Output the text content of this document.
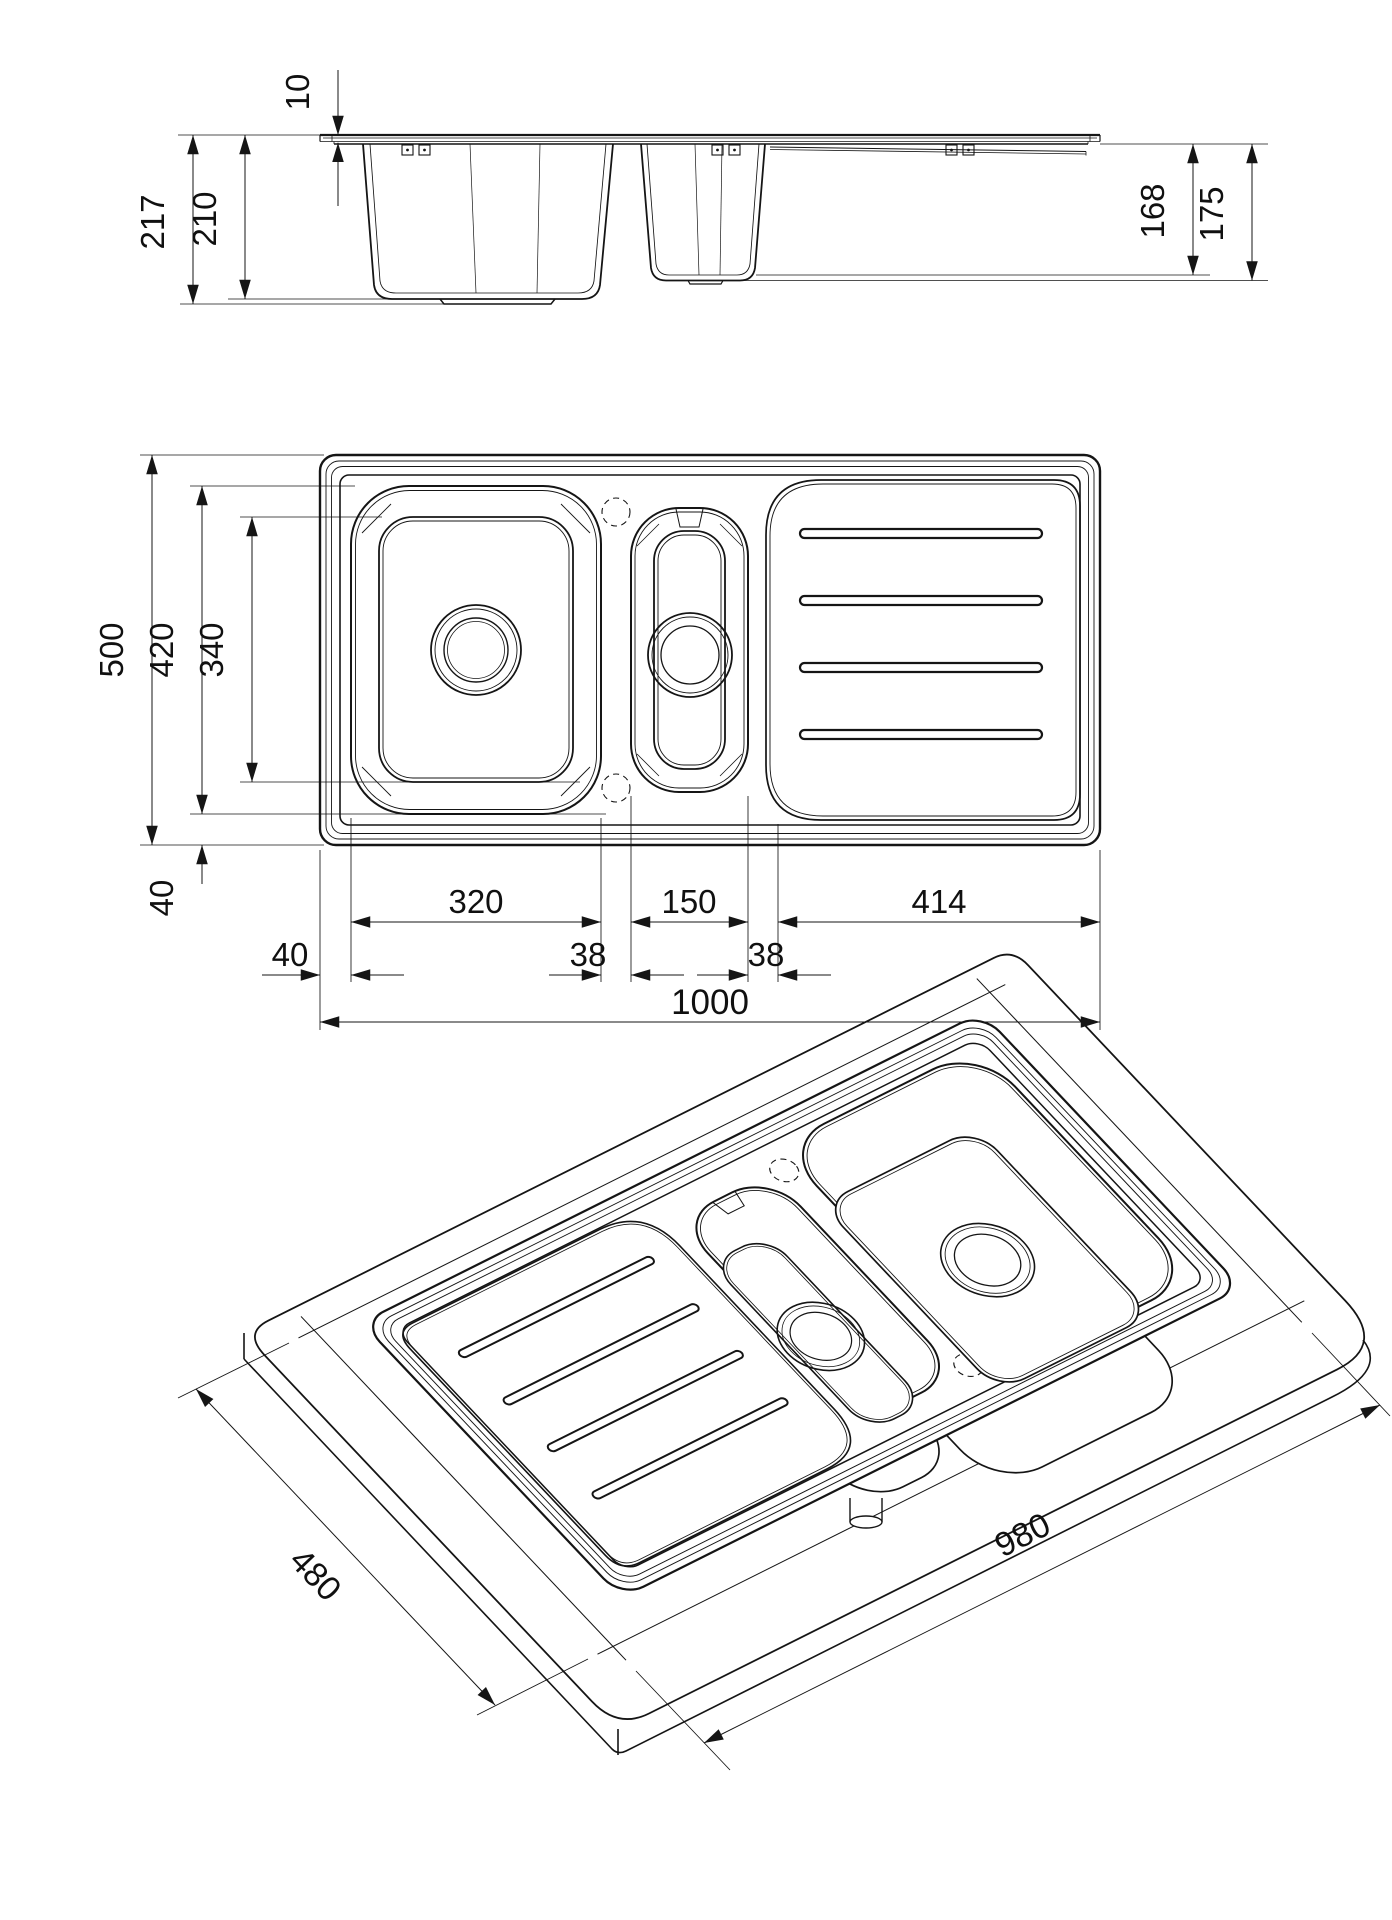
10
217 210	168 175
500 420 340
40	320	150	414
40	38	38
1000
980
480
